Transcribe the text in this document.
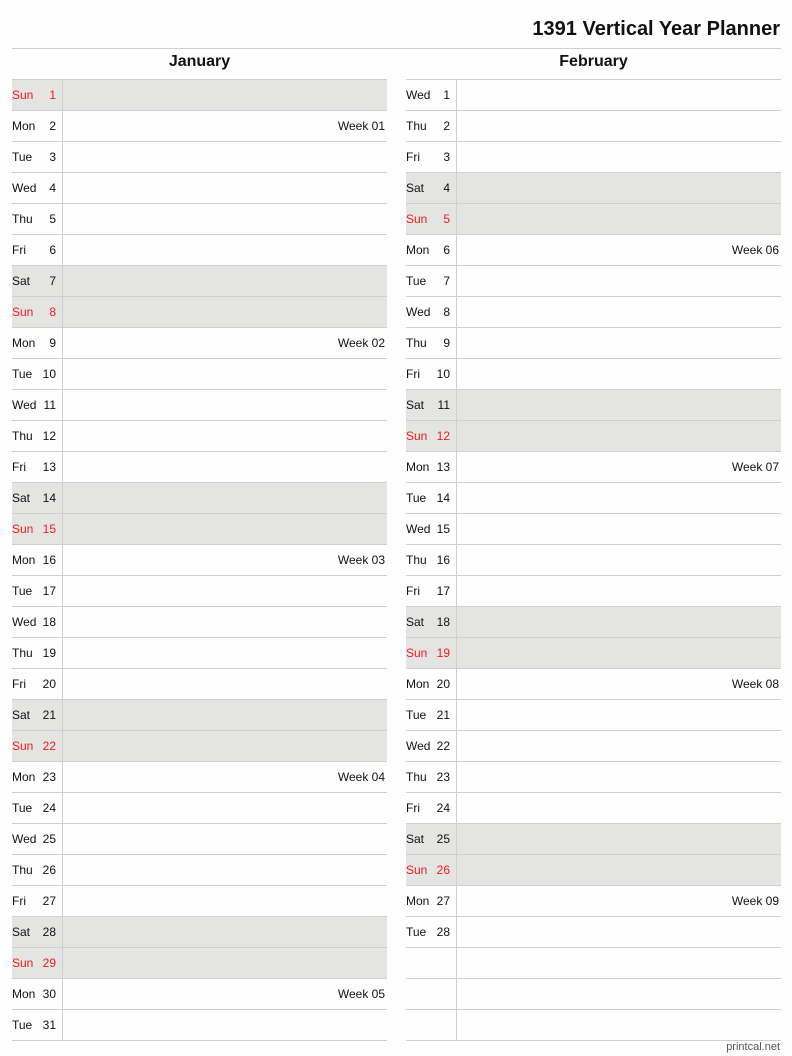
1391 Vertical Year Planner
January
Sun	1
Mon	2	Week 01
Tue	3
Wed	4
Thu	5
Fri	6
Sat	7
Sun	8
Mon	9	Week 02
Tue 10
Wed 11
Thu 12
Fri	13
Sat	14
Sun 15
Mon 16	Week 03
Tue 17
Wed 18
Thu 19
Fri	20
Sat	21
Sun 22
Mon 23	Week 04
Tue 24
Wed 25
Thu 26
Fri	27
Sat	28
Sun 29
Mon 30	Week 05
Tue 31
February
Wed	1
Thu	2
Fri	3
Sat	4
Sun	5
Mon	6	Week 06
Tue	7
Wed	8
Thu	9
Fri	10
Sat	11
Sun 12
Mon 13	Week 07
Tue 14
Wed 15
Thu 16
Fri	17
Sat	18
Sun 19
Mon 20	Week 08
Tue 21
Wed 22
Thu 23
Fri	24
Sat	25
Sun 26
Mon 27	Week 09
Tue 28
printcal.net
